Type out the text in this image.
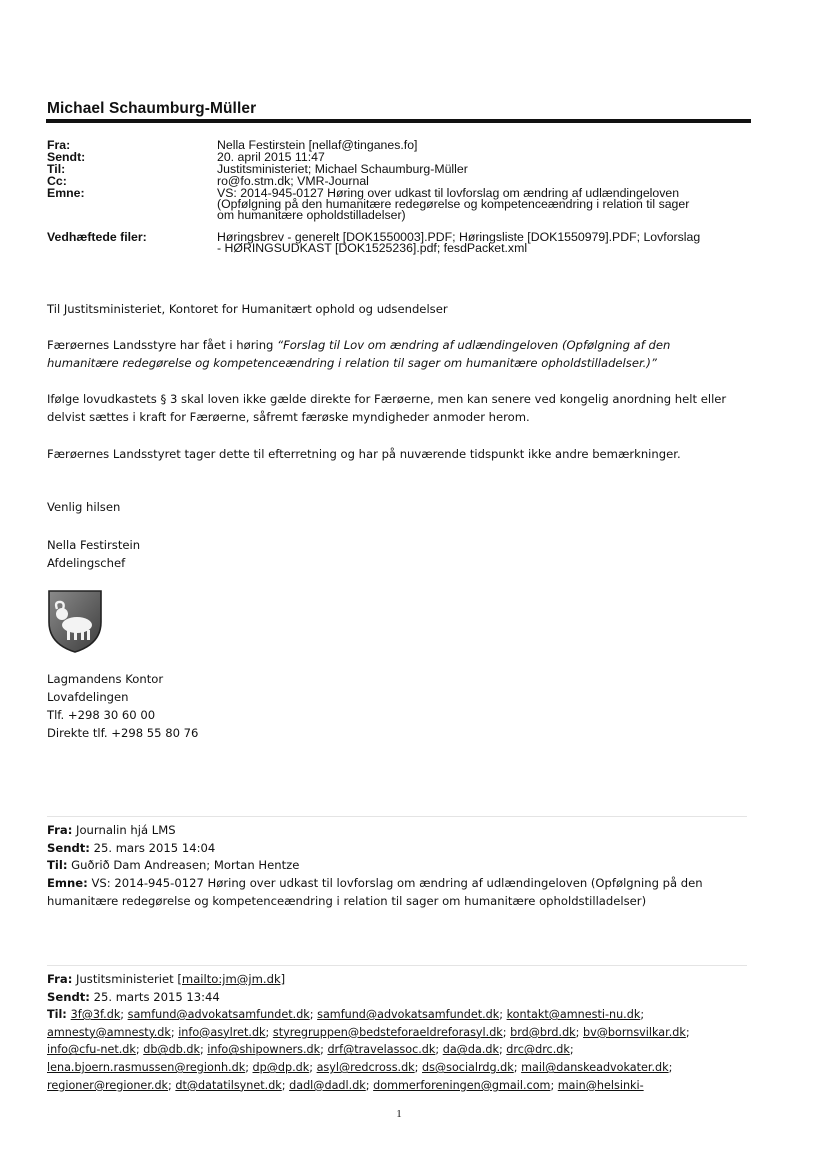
Michael Schaumburg-Müller
Fra:	Nella Festirstein [nellaf@tinganes.fo]
Sendt:	20. april 2015 11:47
Til:	Justitsministeriet; Michael Schaumburg-Müller
Cc:	ro@fo.stm.dk; VMR-Journal
Emne:	VS: 2014-945-0127 Høring over udkast til lovforslag om ændring af udlændingeloven
(Opfølgning på den humanitære redegørelse og kompetenceændring i relation til sager
om humanitære opholdstilladelser)
Vedhæftede filer:	Høringsbrev - generelt [DOK1550003].PDF; Høringsliste [DOK1550979].PDF; Lovforslag
- HØRINGSUDKAST [DOK1525236].pdf; fesdPacket.xml
Til Justitsministeriet, Kontoret for Humanitært ophold og udsendelser
Færøernes Landsstyre har fået i høring “Forslag til Lov om ændring af udlændingeloven (Opfølgning af den
humanitære redegørelse og kompetenceændring i relation til sager om humanitære opholdstilladelser.)”
Ifølge lovudkastets § 3 skal loven ikke gælde direkte for Færøerne, men kan senere ved kongelig anordning helt eller
delvist sættes i kraft for Færøerne, såfremt færøske myndigheder anmoder herom.
Færøernes Landsstyret tager dette til efterretning og har på nuværende tidspunkt ikke andre bemærkninger.
Venlig hilsen
Nella Festirstein
Afdelingschef
Lagmandens Kontor
Lovafdelingen
Tlf. +298 30 60 00
Direkte tlf. +298 55 80 76
Fra: Journalin hjá LMS
Sendt: 25. mars 2015 14:04
Til: Guðrið Dam Andreasen; Mortan Hentze
Emne: VS: 2014-945-0127 Høring over udkast til lovforslag om ændring af udlændingeloven (Opfølgning på den
humanitære redegørelse og kompetenceændring i relation til sager om humanitære opholdstilladelser)
Fra: Justitsministeriet [mailto:jm@jm.dk]
Sendt: 25. marts 2015 13:44
Til: 3f@3f.dk; samfund@advokatsamfundet.dk; samfund@advokatsamfundet.dk; kontakt@amnesti-nu.dk;
amnesty@amnesty.dk; info@asylret.dk; styregruppen@bedsteforaeldreforasyl.dk; brd@brd.dk; bv@bornsvilkar.dk;
info@cfu-net.dk; db@db.dk; info@shipowners.dk; drf@travelassoc.dk; da@da.dk; drc@drc.dk;
lena.bjoern.rasmussen@regionh.dk; dp@dp.dk; asyl@redcross.dk; ds@socialrdg.dk; mail@danskeadvokater.dk;
regioner@regioner.dk; dt@datatilsynet.dk; dadl@dadl.dk; dommerforeningen@gmail.com; main@helsinki-
1
